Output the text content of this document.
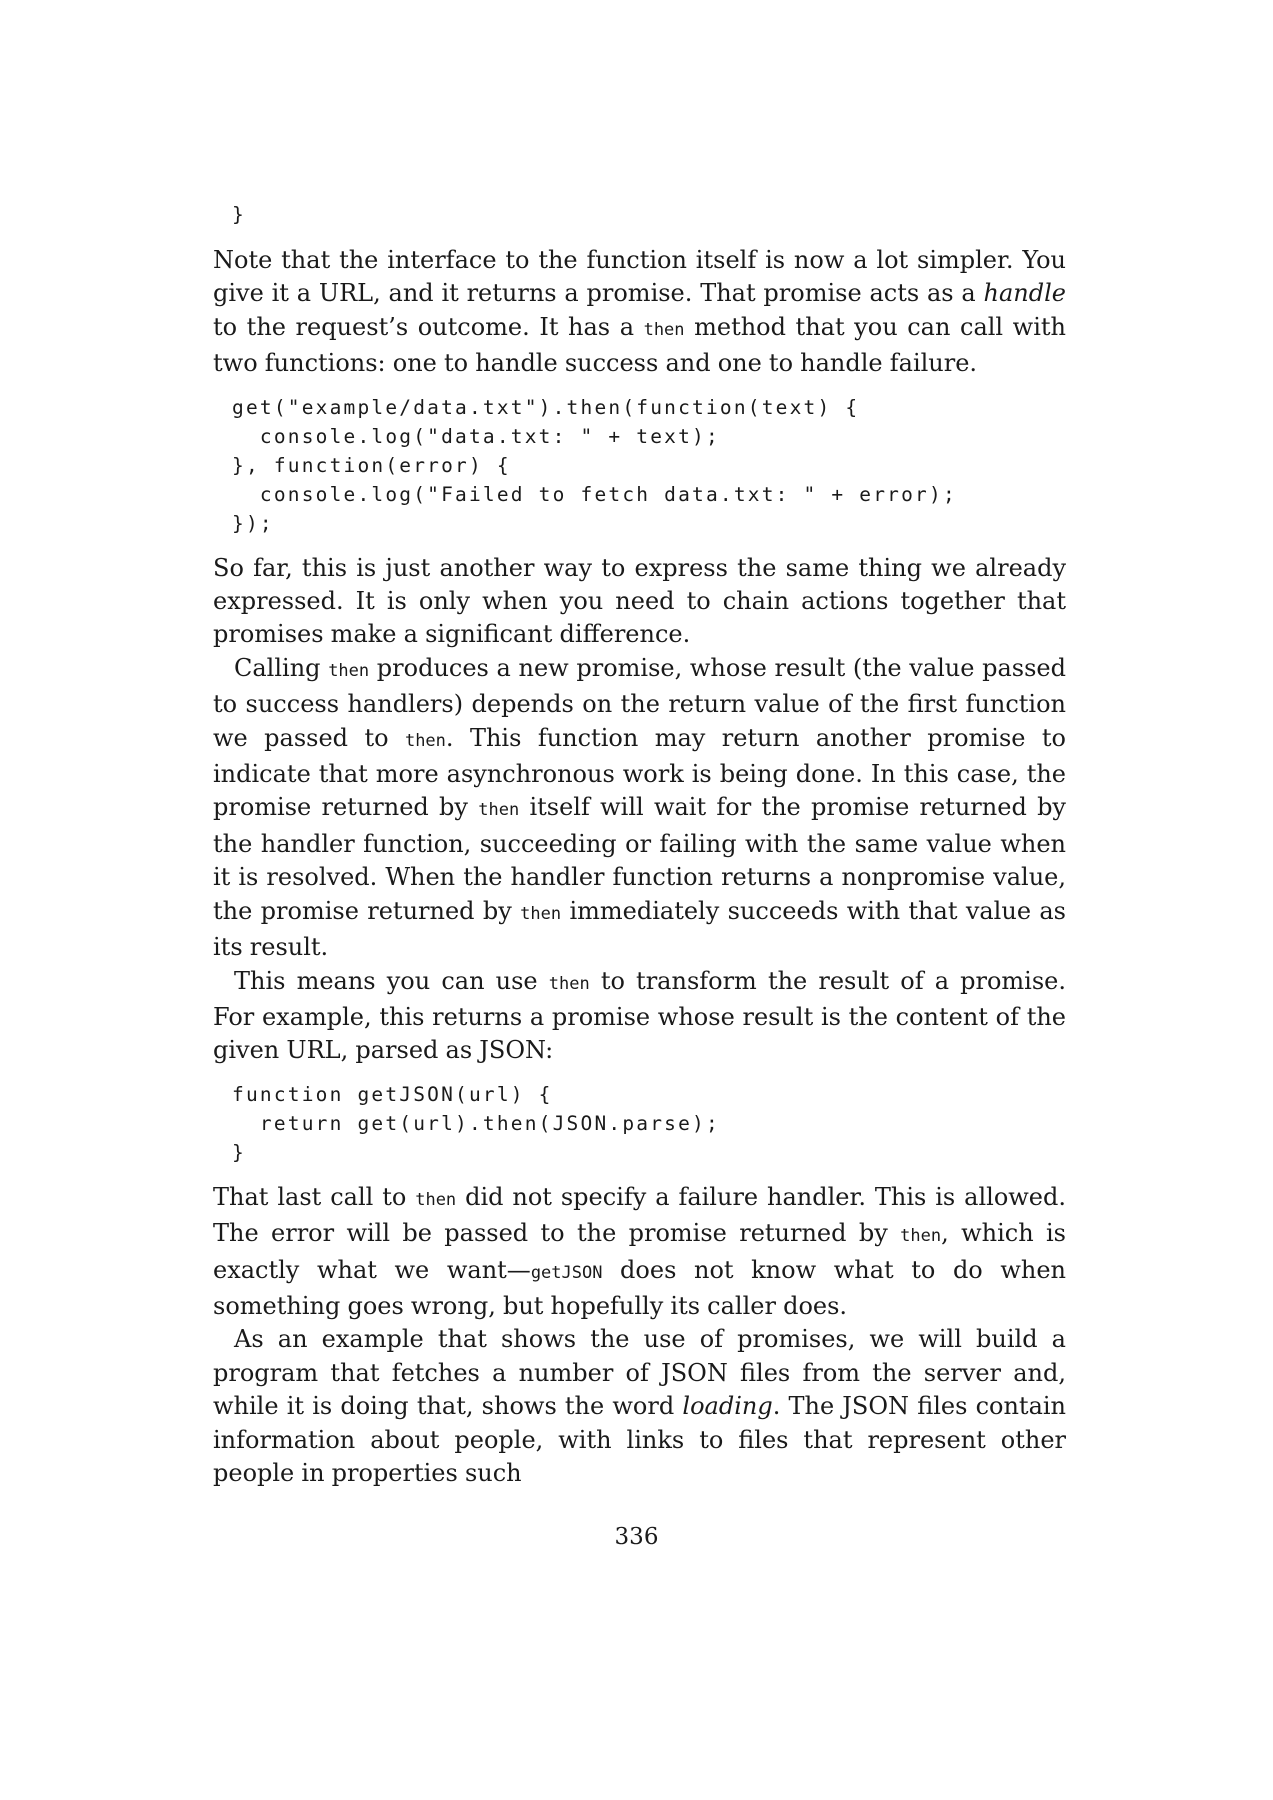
}

Note that the interface to the function itself is now a lot simpler. You give it a URL, and it returns a promise. That promise acts as a handle to the request’s outcome. It has a then method that you can call with two functions: one to handle success and one to handle failure.

get("example/data.txt").then(function(text) {
console.log("data.txt: " + text);
}, function(error) {
console.log("Failed to fetch data.txt: " + error);
});

So far, this is just another way to express the same thing we already expressed. It is only when you need to chain actions together that promises make a significant difference.

Calling then produces a new promise, whose result (the value passed to success handlers) depends on the return value of the first function we passed to then. This function may return another promise to indicate that more asynchronous work is being done. In this case, the promise returned by then itself will wait for the promise returned by the handler function, succeeding or failing with the same value when it is resolved. When the handler function returns a nonpromise value, the promise returned by then immediately succeeds with that value as its result.

This means you can use then to transform the result of a promise. For example, this returns a promise whose result is the content of the given URL, parsed as JSON:

function getJSON(url) {
return get(url).then(JSON.parse);
}

That last call to then did not specify a failure handler. This is allowed. The error will be passed to the promise returned by then, which is exactly what we want—getJSON does not know what to do when something goes wrong, but hopefully its caller does.

As an example that shows the use of promises, we will build a program that fetches a number of JSON files from the server and, while it is doing that, shows the word loading. The JSON files contain information about people, with links to files that represent other people in properties such

336
